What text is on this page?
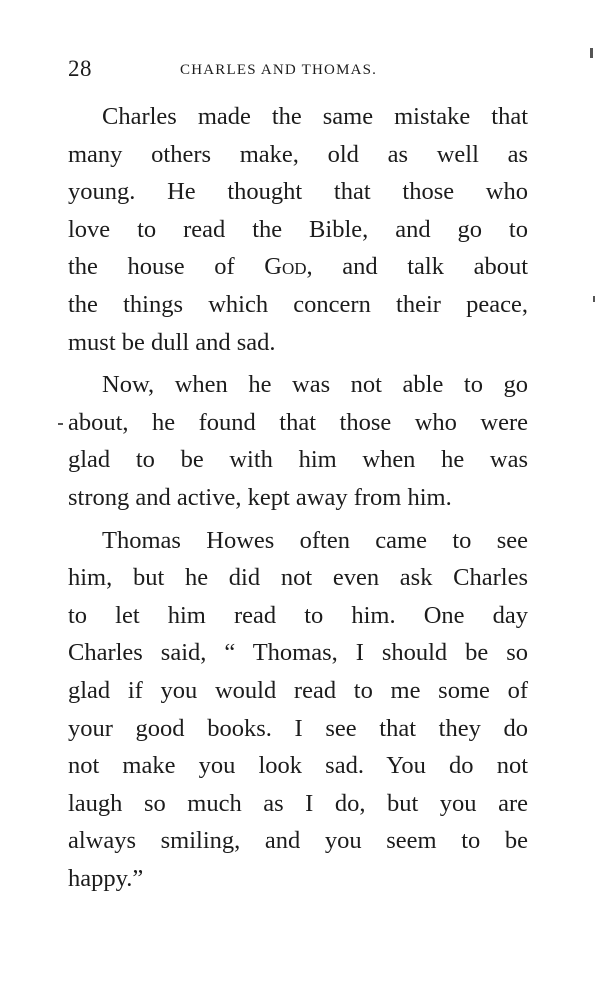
28	CHARLES AND THOMAS.
Charles made the same mistake that
many others make, old as well as
young. He thought that those who
love to read the Bible, and go to
the house of God, and talk about
the things which concern their peace,
must be dull and sad.
Now, when he was not able to go
about, he found that those who were
glad to be with him when he was
strong and active, kept away from him.
Thomas Howes often came to see
him, but he did not even ask Charles
to let him read to him. One day
Charles said, “ Thomas, I should be so
glad if you would read to me some of
your good books. I see that they do
not make you look sad. You do not
laugh so much as I do, but you are
always smiling, and you seem to be
happy.”
